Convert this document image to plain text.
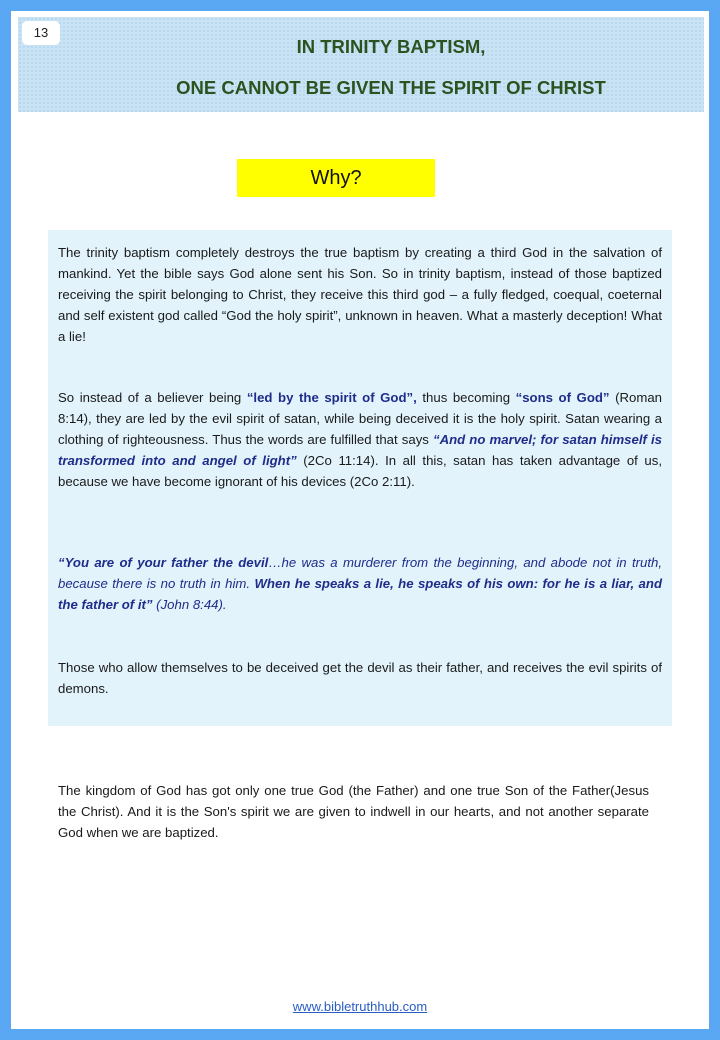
13
IN TRINITY BAPTISM,
ONE CANNOT BE GIVEN THE SPIRIT OF CHRIST
Why?

The trinity baptism completely destroys the true baptism by creating a third God in the salvation of mankind. Yet the bible says God alone sent his Son. So in trinity baptism, instead of those baptized receiving the spirit belonging to Christ, they receive this third god – a fully fledged, coequal, coeternal and self existent god called “God the holy spirit”, unknown in heaven. What a masterly deception! What a lie!

So instead of a believer being “led by the spirit of God”, thus becoming “sons of God” (Roman 8:14), they are led by the evil spirit of satan, while being deceived it is the holy spirit. Satan wearing a clothing of righteousness. Thus the words are fulfilled that says “And no marvel; for satan himself is transformed into and angel of light” (2Co 11:14). In all this, satan has taken advantage of us, because we have become ignorant of his devices (2Co 2:11).

“You are of your father the devil…he was a murderer from the beginning, and abode not in truth, because there is no truth in him. When he speaks a lie, he speaks of his own: for he is a liar, and the father of it” (John 8:44).

Those who allow themselves to be deceived get the devil as their father, and receives the evil spirits of demons.

The kingdom of God has got only one true God (the Father) and one true Son of the Father(Jesus the Christ). And it is the Son's spirit we are given to indwell in our hearts, and not another separate God when we are baptized.

www.bibletruthhub.com
